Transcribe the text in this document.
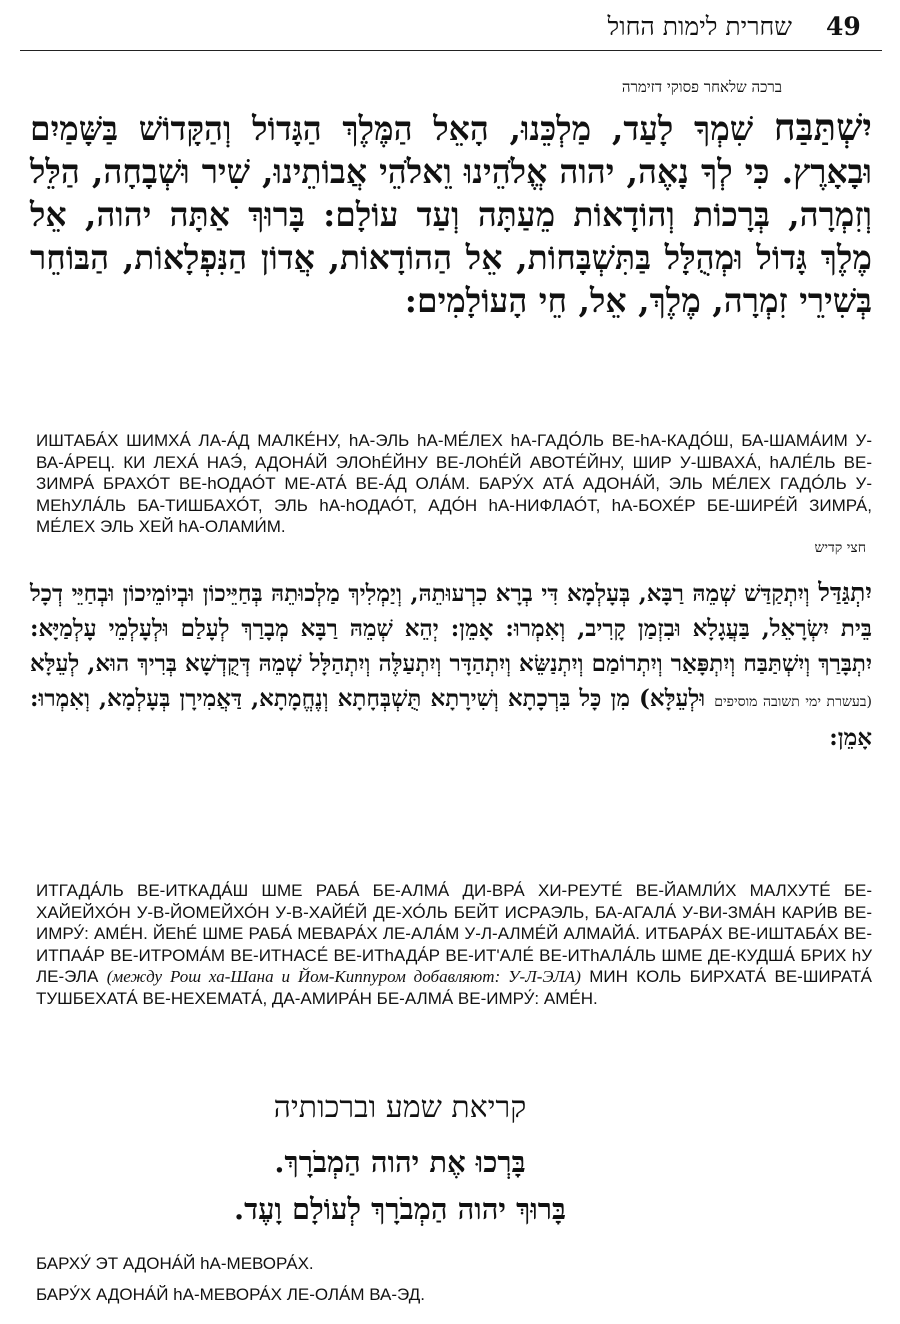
49
שחרית לימות החול
ברכה שלאחר פסוקי דזימרה
יִשְׁתַּבַּח שִׁמְךָ לָעַד, מַלְכֵּנוּ, הָאֵל הַמֶּלֶךְ הַגָּדוֹל וְהַקָּדוֹשׁ בַּשָּׁמַיִם וּבָאָרֶץ. כִּי לְךָ נָאֶה, יהוה אֱלֹהֵינוּ וֵאלֹהֵי אֲבוֹתֵינוּ, שִׁיר וּשְׁבָחָה, הַלֵּל וְזִמְרָה, בְּרָכוֹת וְהוֹדָאוֹת מֵעַתָּה וְעַד עוֹלָם: בָּרוּךְ אַתָּה יהוה, אֵל מֶלֶךְ גָּדוֹל וּמְהֻלָּל בַּתִּשְׁבָּחוֹת, אֵל הַהוֹדָאוֹת, אֲדוֹן הַנִּפְלָאוֹת, הַבּוֹחֵר בְּשִׁירֵי זִמְרָה, מֶלֶךְ, אֵל, חֵי הָעוֹלָמִים:
ИШТАБА́Х ШИМХА́ ЛА-А́Д МАЛКЕ́НУ, hА-ЭЛЬ hА-МЕ́ЛЕХ hА-ГАДО́ЛЬ ВЕ-hА-КАДО́Ш, БА-ШАМА́ИМ У-ВА-А́РЕЦ. КИ ЛЕХА́ НАЭ́, АДОНА́Й ЭЛОhЕ́ЙНУ ВЕ-ЛОhЕ́Й АВОТЕ́ЙНУ, ШИР У-ШВАХА́, hАЛЕ́ЛЬ ВЕ-ЗИМРА́ БРАХО́Т ВЕ-hОДАО́Т МЕ-АТА́ ВЕ-А́Д ОЛА́М. БАРУ́Х АТА́ АДОНА́Й, ЭЛЬ МЕ́ЛЕХ ГАДО́ЛЬ У-МЕhУЛА́ЛЬ БА-ТИШБАХО́Т, ЭЛЬ hА-hОДАО́Т, АДО́Н hА-НИФЛАО́Т, hА-БОХЕ́Р БЕ-ШИРЕ́Й ЗИМРА́, МЕ́ЛЕХ ЭЛЬ ХЕЙ hА-ОЛАМИ́М.
חצי קדיש
יִתְגַּדַּל וְיִתְקַדַּשׁ שְׁמֵהּ רַבָּא, בְּעָלְמָא דִּי בְרָא כִרְעוּתֵהּ, וְיַמְלִיךְ מַלְכוּתֵהּ בְּחַיֵּיכוֹן וּבְיוֹמֵיכוֹן וּבְחַיֵּי דְכָל בֵּית יִשְׂרָאֵל, בַּעֲגָלָא וּבִזְמַן קָרִיב, וְאִמְרוּ: אָמֵן: יְהֵא שְׁמֵהּ רַבָּא מְבָרַךְ לְעָלַם וּלְעָלְמֵי עָלְמַיָּא: יִתְבָּרַךְ וְיִשְׁתַּבַּח וְיִתְפָּאַר וְיִתְרוֹמַם וְיִתְנַשֵּׂא וְיִתְהַדָּר וְיִתְעַלֶּה וְיִתְהַלָּל שְׁמֵהּ דְּקֻדְשָׁא בְּרִיךְ הוּא, לְעֵלָּא (בעשרת ימי תשובה מוסיפים וּלְעֵלָּא) מִן כָּל בִּרְכָתָא וְשִׁירָתָא תֻּשְׁבְּחָתָא וְנֶחֱמָתָא, דַּאֲמִירָן בְּעָלְמָא, וְאִמְרוּ: אָמֵן:
ИТГАДА́ЛЬ ВЕ-ИТКАДА́Ш ШМЕ РАБА́ БЕ-АЛМА́ ДИ-ВРА́ ХИ-РЕУТЕ́ ВЕ-ЙАМЛИ́Х МАЛХУТЕ́ БЕ-ХАЙЕЙХО́Н У-В-ЙОМЕЙХО́Н У-В-ХАЙЕ́Й ДЕ-ХО́ЛЬ БЕЙТ ИСРАЭЛЬ, БА-АГАЛА́ У-ВИ-ЗМА́Н КАРИ́В ВЕ-ИМРУ́: АМЕ́Н. ЙЕhЕ́ ШМЕ РАБА́ МЕВАРА́Х ЛЕ-АЛА́М У-Л-АЛМЕ́Й АЛМАЙА́. ИТБАРА́Х ВЕ-ИШТАБА́Х ВЕ-ИТПАА́Р ВЕ-ИТРОМА́М ВЕ-ИТНАСЕ́ ВЕ-ИТhАДА́Р ВЕ-ИТ'АЛЕ́ ВЕ-ИТhАЛА́ЛЬ ШМЕ ДЕ-КУДША́ БРИХ hУ ЛЕ-ЭЛА (между Рош ха-Шана и Йом-Киппуром добавляют: У-Л-ЭЛА) МИН КОЛЬ БИРХАТА́ ВЕ-ШИРАТА́ ТУШБЕХАТА́ ВЕ-НЕХЕМАТА́, ДА-АМИРА́Н БЕ-АЛМА́ ВЕ-ИМРУ́: АМЕ́Н.
קריאת שמע וברכותיה
בָּרְכוּ אֶת יהוה הַמְבֹרָךְ.
בָּרוּךְ יהוה הַמְבֹרָךְ לְעוֹלָם וָעֶד.
БАРХУ́ ЭТ АДОНА́Й hА-МЕВОРА́Х.
БАРУ́Х АДОНА́Й hА-МЕВОРА́Х ЛЕ-ОЛА́М ВА-ЭД.
